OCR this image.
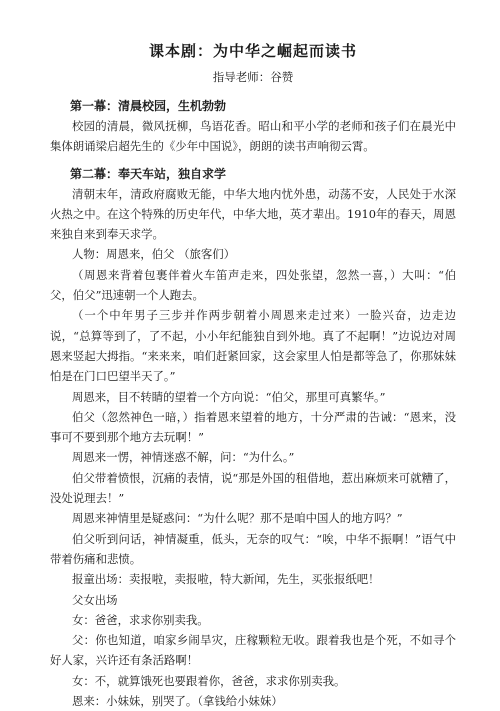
课本剧：为中华之崛起而读书
指导老师：谷赞
第一幕：清晨校园，生机勃勃

校园的清晨，微风抚柳，鸟语花香。昭山和平小学的老师和孩子们在晨光中集体朗诵梁启超先生的《少年中国说》，朗朗的读书声响彻云霄。

第二幕：奉天车站，独自求学

清朝末年，清政府腐败无能，中华大地内忧外患，动荡不安，人民处于水深火热之中。在这个特殊的历史年代，中华大地，英才辈出。1910年的春天，周恩来独自来到奉天求学。

人物：周恩来，伯父 （旅客们）

（周恩来背着包裹伴着火车笛声走来，四处张望，忽然一喜，）大叫：“伯父，伯父”迅速朝一个人跑去。

（一个中年男子三步并作两步朝着小周恩来走过来）一脸兴奋，边走边说，“总算等到了，了不起，小小年纪能独自到外地。真了不起啊！”边说边对周恩来竖起大拇指。“来来来，咱们赶紧回家，这会家里人怕是都等急了，你那妹妹怕是在门口巴望半天了。”

周恩来，目不转睛的望着一个方向说：“伯父，那里可真繁华。”

伯父（忽然神色一暗，）指着恩来望着的地方，十分严肃的告诫：“恩来，没事可不要到那个地方去玩啊！”

周恩来一愣，神情迷惑不解，问：“为什么。”

伯父带着愤恨，沉痛的表情，说“那是外国的租借地，惹出麻烦来可就糟了，没处说理去！”

周恩来神情里是疑惑问：“为什么呢？那不是咱中国人的地方吗？”

伯父听到问话，神情凝重，低头，无奈的叹气：“唉，中华不振啊！”语气中带着伤痛和悲愤。

报童出场：卖报啦，卖报啦，特大新闻，先生，买张报纸吧！

父女出场

女：爸爸，求求你别卖我。

父：你也知道，咱家乡闹旱灾，庄稼颗粒无收。跟着我也是个死，不如寻个好人家，兴许还有条活路啊！

女：不，就算饿死也要跟着你，爸爸，求求你别卖我。

恩来：小妹妹，别哭了。（拿钱给小妹妹）
